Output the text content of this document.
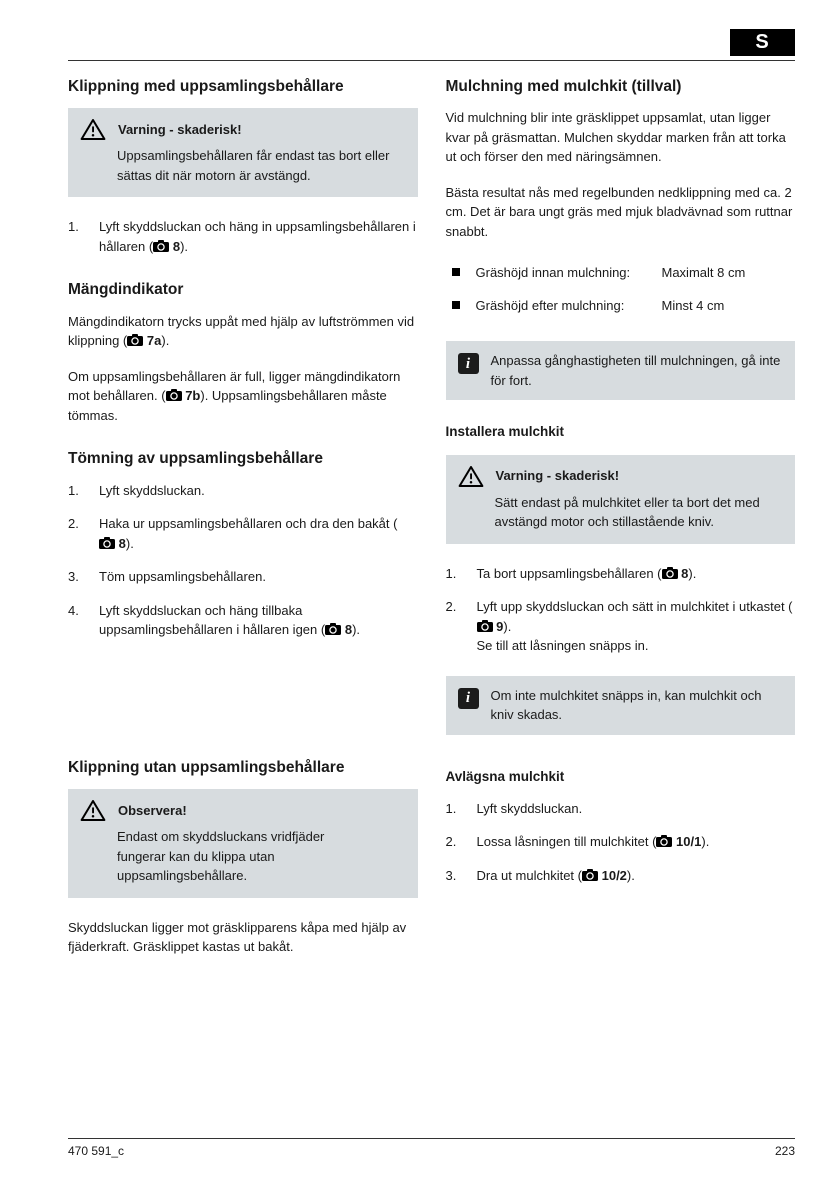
S
Klippning med uppsamlingsbehållare
Varning - skaderisk!
Uppsamlingsbehållaren får endast tas bort eller sättas dit när motorn är avstängd.
1.	Lyft skyddsluckan och häng in uppsamlingsbehållaren i hållaren ( 8).
Mängdindikator

Mängdindikatorn trycks uppåt med hjälp av luftströmmen vid klippning ( 7a).

Om uppsamlingsbehållaren är full, ligger mängdindikatorn mot behållaren. ( 7b). Uppsamlingsbehållaren måste tömmas.

Tömning av uppsamlingsbehållare
1.	Lyft skyddsluckan.
2.	Haka ur uppsamlingsbehållaren och dra den bakåt ( 8).
3.	Töm uppsamlingsbehållaren.
4.	Lyft skyddsluckan och häng tillbaka uppsamlingsbehållaren i hållaren igen ( 8).
Klippning utan uppsamlingsbehållare
Observera!
Endast om skyddsluckans vridfjäder fungerar kan du klippa utan uppsamlingsbehållare.

Skyddsluckan ligger mot gräsklipparens kåpa med hjälp av fjäderkraft. Gräsklippet kastas ut bakåt.

Mulchning med mulchkit (tillval)

Vid mulchning blir inte gräsklippet uppsamlat, utan ligger kvar på gräsmattan. Mulchen skyddar marken från att torka ut och förser den med näringsämnen.

Bästa resultat nås med regelbunden nedklippning med ca. 2 cm. Det är bara ungt gräs med mjuk bladvävnad som ruttnar snabbt.

Gräshöjd innan mulchning:	Maximalt 8 cm
Gräshöjd efter mulchning:	Minst 4 cm
i	Anpassa gånghastigheten till mulchningen, gå inte för fort.
Installera mulchkit
Varning - skaderisk!
Sätt endast på mulchkitet eller ta bort det med avstängd motor och stillastående kniv.
1.	Ta bort uppsamlingsbehållaren ( 8).
2.	Lyft upp skyddsluckan och sätt in mulchkitet i utkastet ( 9).
Se till att låsningen snäpps in.
i	Om inte mulchkitet snäpps in, kan mulchkit och kniv skadas.
Avlägsna mulchkit
1.	Lyft skyddsluckan.
2.	Lossa låsningen till mulchkitet ( 10/1).
3.	Dra ut mulchkitet ( 10/2).
470 591_c	223
